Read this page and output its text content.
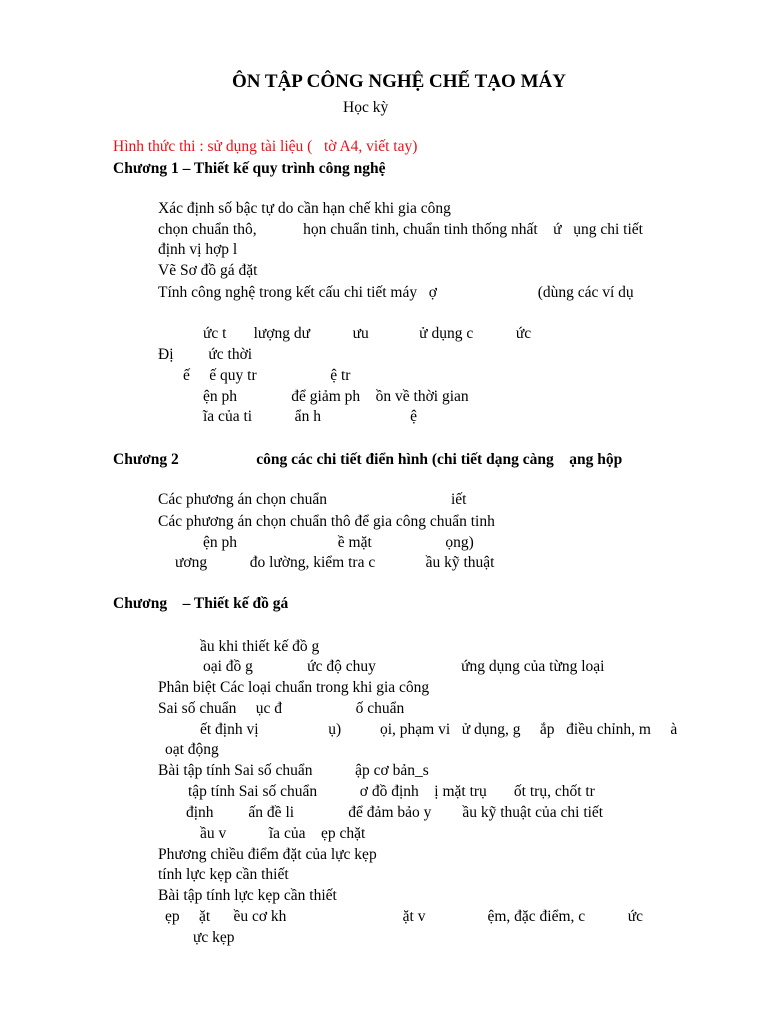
ÔN TẬP CÔNG NGHỆ CHẾ TẠO MÁY
Học kỳ
Hình thức thi : sử dụng tài liệu (   tờ A4, viết tay)
Chương 1 – Thiết kế quy trình công nghệ
Xác định số bậc tự do cần hạn chế khi gia công
chọn chuẩn thô,            họn chuẩn tinh, chuẩn tinh thống nhất    ứ   ụng chi tiết
định vị hợp l
Vẽ Sơ đồ gá đặt
Tính công nghệ trong kết cấu chi tiết máy   ợ                          (dùng các ví dụ
ức t       lượng dư           ưu             ử dụng c           ức
Đị         ức thời
ế     ế quy tr                   ệ tr
ện ph              để giảm ph    ồn về thời gian
ĩa của ti           ẩn h                       ệ
Chương 2                    công các chi tiết điển hình (chi tiết dạng càng    ạng hộp
Các phương án chọn chuẩn                                iết
Các phương án chọn chuẩn thô để gia công chuẩn tinh
ện ph                          ề mặt                   ọng)
ương           đo lường, kiểm tra c             ầu kỹ thuật
Chương    – Thiết kế đồ gá
ầu khi thiết kế đồ g
oại đồ g              ức độ chuy                      ứng dụng của từng loại
Phân biệt Các loại chuẩn trong khi gia công
Sai số chuẩn     ục đ                   ố chuẩn
ết định vị                  ụ)          ọi, phạm vi   ử dụng, g     ắp   điều chỉnh, m     à
oạt động
Bài tập tính Sai số chuẩn           ập cơ bản_s
tập tính Sai số chuẩn           ơ đồ định    ị mặt trụ       ốt trụ, chốt tr
định         ấn đề li              để đảm bảo y        ầu kỹ thuật của chi tiết
ầu v           ĩa của    ẹp chặt
Phương chiều điểm đặt của lực kẹp
tính lực kẹp cần thiết
Bài tập tính lực kẹp cần thiết
ẹp     ặt      ều cơ kh                              ặt v                ệm, đặc điểm, c           ức
ực kẹp
